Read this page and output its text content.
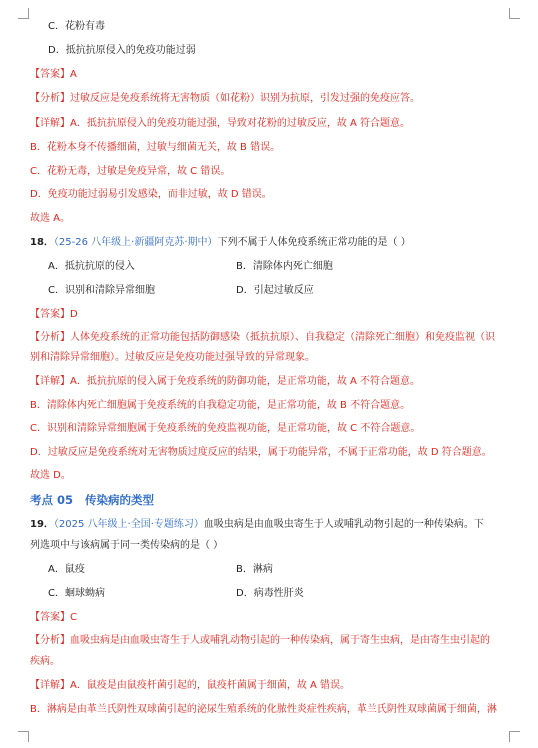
C．花粉有毒
D．抵抗抗原侵入的免疫功能过弱
【答案】A
【分析】过敏反应是免疫系统将无害物质（如花粉）识别为抗原，引发过强的免疫应答。
【详解】A．抵抗抗原侵入的免疫功能过强，导致对花粉的过敏反应，故 A 符合题意。
B．花粉本身不传播细菌，过敏与细菌无关，故 B 错误。
C．花粉无毒，过敏是免疫异常，故 C 错误。
D．免疫功能过弱易引发感染，而非过敏，故 D 错误。
故选 A。
18．（25-26 八年级上·新疆阿克苏·期中）下列不属于人体免疫系统正常功能的是（ ）
A．抵抗抗原的侵入	B．清除体内死亡细胞
C．识别和清除异常细胞	D．引起过敏反应
【答案】D
【分析】人体免疫系统的正常功能包括防御感染（抵抗抗原）、自我稳定（清除死亡细胞）和免疫监视（识
别和清除异常细胞）。过敏反应是免疫功能过强导致的异常现象。
【详解】A．抵抗抗原的侵入属于免疫系统的防御功能，是正常功能，故 A 不符合题意。
B．清除体内死亡细胞属于免疫系统的自我稳定功能，是正常功能，故 B 不符合题意。
C．识别和清除异常细胞属于免疫系统的免疫监视功能，是正常功能，故 C 不符合题意。
D．过敏反应是免疫系统对无害物质过度反应的结果，属于功能异常，不属于正常功能，故 D 符合题意。
故选 D。
考点 05 传染病的类型
19．（2025 八年级上·全国·专题练习）血吸虫病是由血吸虫寄生于人或哺乳动物引起的一种传染病。下
列选项中与该病属于同一类传染病的是（ ）
A．鼠疫	B．淋病
C．蛔球蚴病	D．病毒性肝炎
【答案】C
【分析】血吸虫病是由血吸虫寄生于人或哺乳动物引起的一种传染病，属于寄生虫病，是由寄生虫引起的
疾病。
【详解】A．鼠疫是由鼠疫杆菌引起的，鼠疫杆菌属于细菌，故 A 错误。
B．淋病是由革兰氏阴性双球菌引起的泌尿生殖系统的化脓性炎症性疾病，革兰氏阴性双球菌属于细菌，淋
